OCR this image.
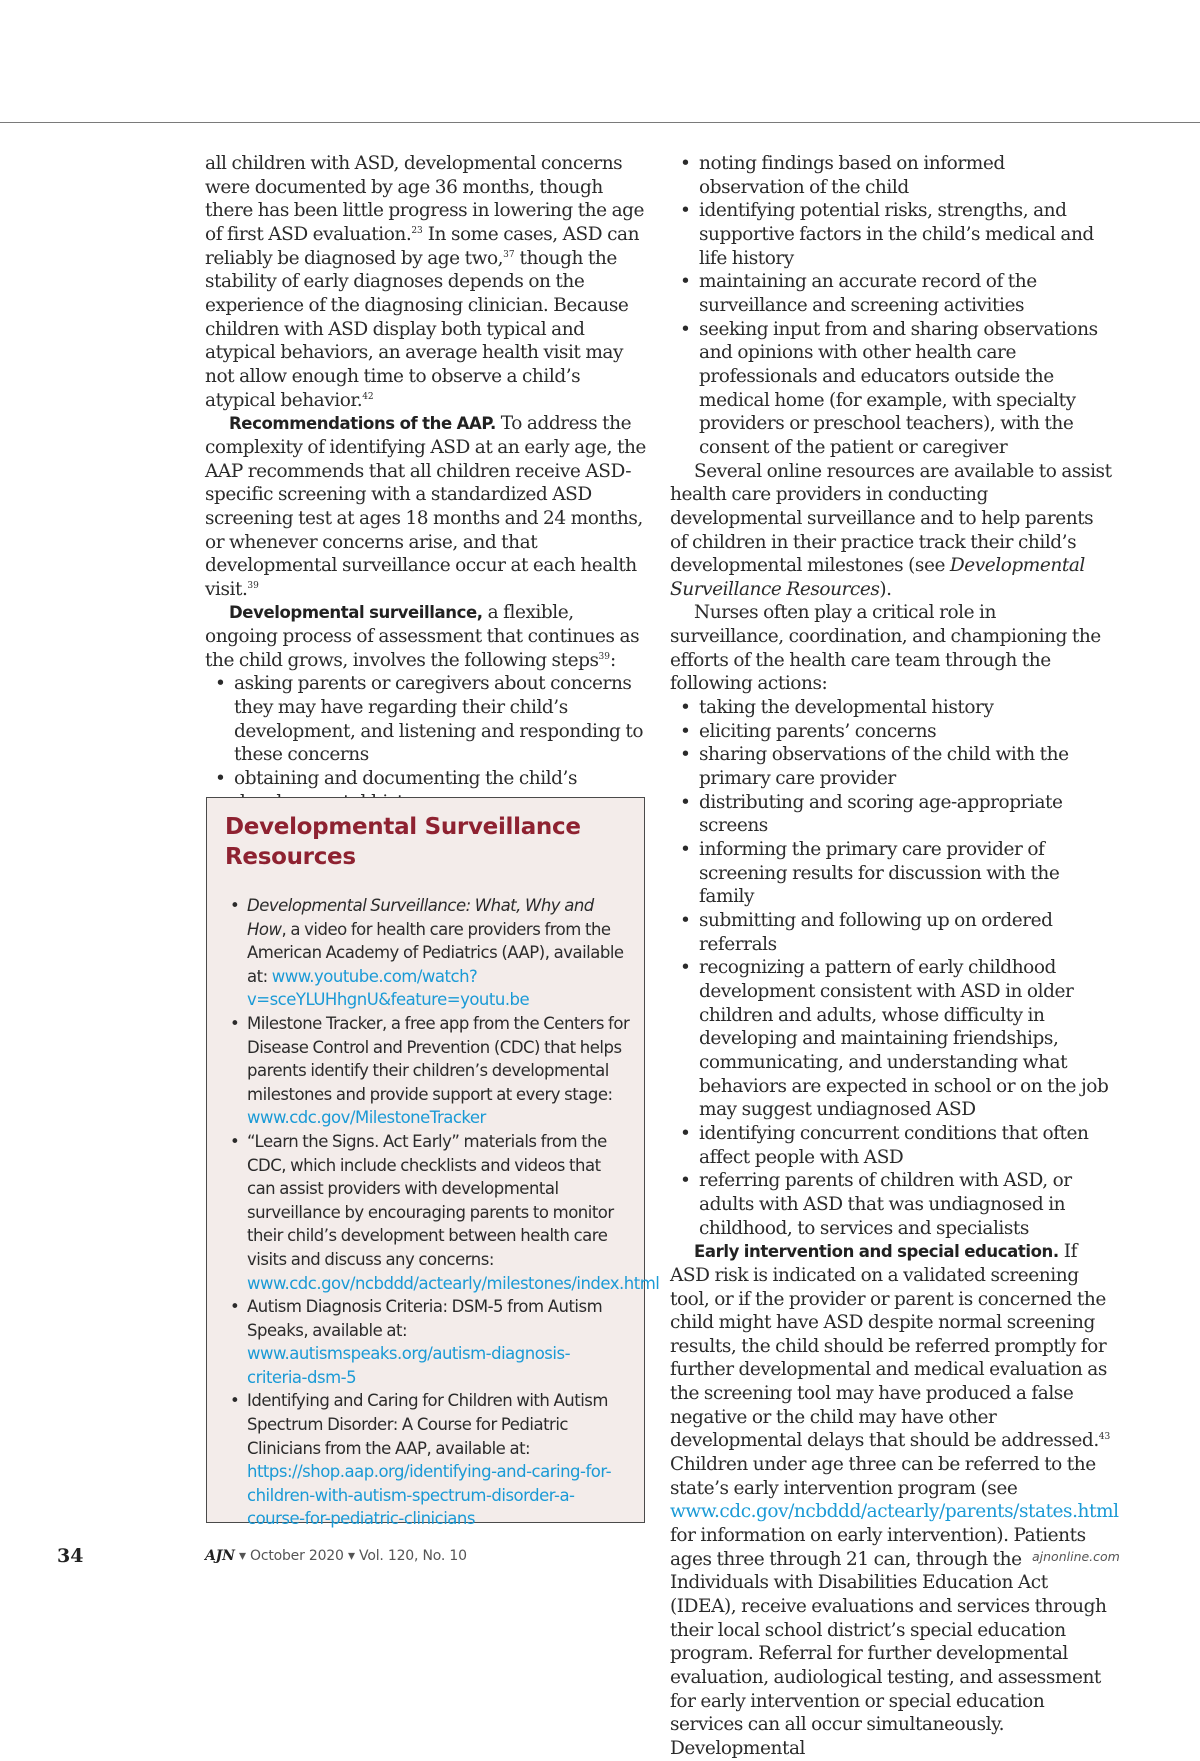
all children with ASD, developmental concerns were documented by age 36 months, though there has been little progress in lowering the age of first ASD evaluation.$^{23}$ In some cases, ASD can reliably be diagnosed by age two,$^{37}$ though the stability of early diagnoses depends on the experience of the diagnosing clinician. Because children with ASD display both typical and atypical behaviors, an average health visit may not allow enough time to observe a child’s atypical behavior.$^{42}$

Recommendations of the AAP. To address the complexity of identifying ASD at an early age, the AAP recommends that all children receive ASD-specific screening with a standardized ASD screening test at ages 18 months and 24 months, or whenever concerns arise, and that developmental surveillance occur at each health visit.$^{39}$

Developmental surveillance, a flexible, ongoing process of assessment that continues as the child grows, involves the following steps$^{39}$:

• asking parents or caregivers about concerns they may have regarding their child’s development, and listening and responding to these concerns
• obtaining and documenting the child’s
Developmental Surveillance Resources
• Developmental Surveillance: What, Why and How, a video for health care providers from the American Academy of Pediatrics (AAP), available at: www.youtube.com/watch?v=sceYLUHhgnU&feature=youtu.be
• Milestone Tracker, a free app from the Centers for Disease Control and Prevention (CDC) that helps parents identify their children’s developmental milestones and provide support at every stage: www.cdc.gov/MilestoneTracker
• “Learn the Signs. Act Early” materials from the CDC, which include checklists and videos that can assist providers with developmental surveillance by encouraging parents to monitor their child’s development between health care visits and discuss any concerns: www.cdc.gov/ncbddd/actearly/milestones/index.html
• Autism Diagnosis Criteria: DSM-5 from Autism Speaks, available at: www.autismspeaks.org/autism-diagnosis-criteria-dsm-5
• Identifying and Caring for Children with Autism Spectrum Disorder: A Course for Pediatric Clinicians from the AAP, available at: https://shop.aap.org/identifying-and-caring-for-children-with-autism-spectrum-disorder-a-course-for-pediatric-clinicians
• noting findings based on informed observation of the child
• identifying potential risks, strengths, and supportive factors in the child’s medical and life history
• maintaining an accurate record of the surveillance and screening activities
• seeking input from and sharing observations and opinions with other health care professionals and educators outside the medical home (for example, with specialty providers or preschool teachers), with the consent of the patient or caregiver

Several online resources are available to assist health care providers in conducting developmental surveillance and to help parents of children in their practice track their child’s developmental milestones (see Developmental Surveillance Resources).

Nurses often play a critical role in surveillance, coordination, and championing the efforts of the health care team through the following actions:

• taking the developmental history
• eliciting parents’ concerns
• sharing observations of the child with the primary care provider
• distributing and scoring age-appropriate screens
• informing the primary care provider of screening results for discussion with the family
• submitting and following up on ordered referrals
• recognizing a pattern of early childhood development consistent with ASD in older children and adults, whose difficulty in developing and maintaining friendships, communicating, and understanding what behaviors are expected in school or on the job may suggest undiagnosed ASD
• identifying concurrent conditions that often affect people with ASD
• referring parents of children with ASD, or adults with ASD that was undiagnosed in childhood, to services and specialists

Early intervention and special education. If ASD risk is indicated on a validated screening tool, or if the provider or parent is concerned the child might have ASD despite normal screening results, the child should be referred promptly for further developmental and medical evaluation as the screening tool may have produced a false negative or the child may have other developmental delays that should be addressed.$^{43}$ Children under age three can be referred to the state’s early intervention program (see www.cdc.gov/ncbddd/actearly/parents/states.html for information on early intervention). Patients ages three through 21 can, through the Individuals with Disabilities Education Act (IDEA), receive evaluations and services through their local school district’s special education program. Referral for further developmental evaluation, audiological testing, and assessment for early intervention or special education services can all occur simultaneously. Developmental

34	AJN ▾ October 2020 ▾ Vol. 120, No. 10	ajnonline.com
